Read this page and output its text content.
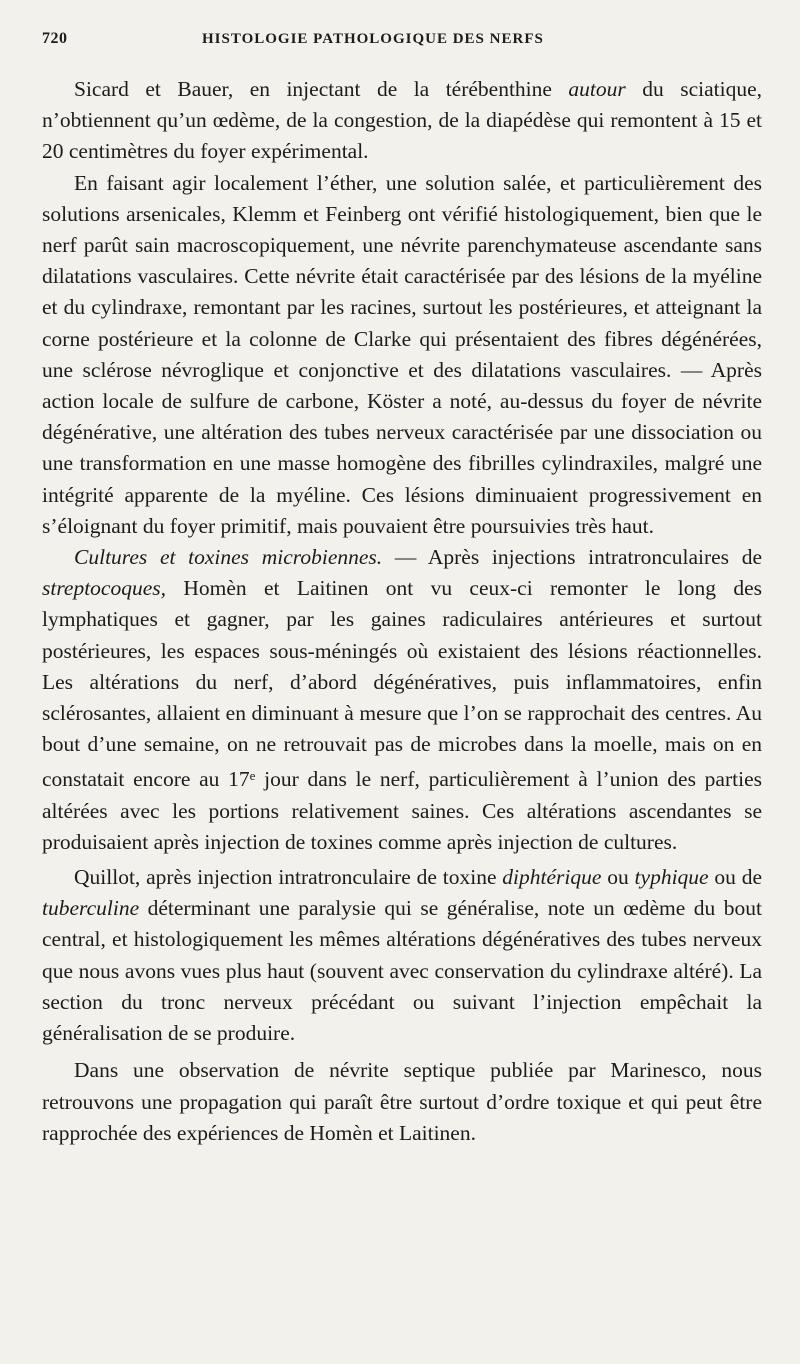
720	HISTOLOGIE PATHOLOGIQUE DES NERFS

Sicard et Bauer, en injectant de la térébenthine autour du sciatique, n’obtiennent qu’un œdème, de la congestion, de la diapédèse qui remontent à 15 et 20 centimètres du foyer expérimental.

En faisant agir localement l’éther, une solution salée, et particulièrement des solutions arsenicales, Klemm et Feinberg ont vérifié histologiquement, bien que le nerf parût sain macroscopiquement, une névrite parenchymateuse ascendante sans dilatations vasculaires. Cette névrite était caractérisée par des lésions de la myéline et du cylindraxe, remontant par les racines, surtout les postérieures, et atteignant la corne postérieure et la colonne de Clarke qui présentaient des fibres dégénérées, une sclérose névroglique et conjonctive et des dilatations vasculaires. — Après action locale de sulfure de carbone, Köster a noté, au-dessus du foyer de névrite dégénérative, une altération des tubes nerveux caractérisée par une dissociation ou une transformation en une masse homogène des fibrilles cylindraxiles, malgré une intégrité apparente de la myéline. Ces lésions diminuaient progressivement en s’éloignant du foyer primitif, mais pouvaient être poursuivies très haut.

Cultures et toxines microbiennes. — Après injections intratronculaires de streptocoques, Homèn et Laitinen ont vu ceux-ci remonter le long des lymphatiques et gagner, par les gaines radiculaires antérieures et surtout postérieures, les espaces sous-méningés où existaient des lésions réactionnelles. Les altérations du nerf, d’abord dégénératives, puis inflammatoires, enfin sclérosantes, allaient en diminuant à mesure que l’on se rapprochait des centres. Au bout d’une semaine, on ne retrouvait pas de microbes dans la moelle, mais on en constatait encore au 17e jour dans le nerf, particulièrement à l’union des parties altérées avec les portions relativement saines. Ces altérations ascendantes se produisaient après injection de toxines comme après injection de cultures.

Quillot, après injection intratronculaire de toxine diphtérique ou typhique ou de tuberculine déterminant une paralysie qui se généralise, note un œdème du bout central, et histologiquement les mêmes altérations dégénératives des tubes nerveux que nous avons vues plus haut (souvent avec conservation du cylindraxe altéré). La section du tronc nerveux précédant ou suivant l’injection empêchait la généralisation de se produire.

Dans une observation de névrite septique publiée par Marinesco, nous retrouvons une propagation qui paraît être surtout d’ordre toxique et qui peut être rapprochée des expériences de Homèn et Laitinen.
